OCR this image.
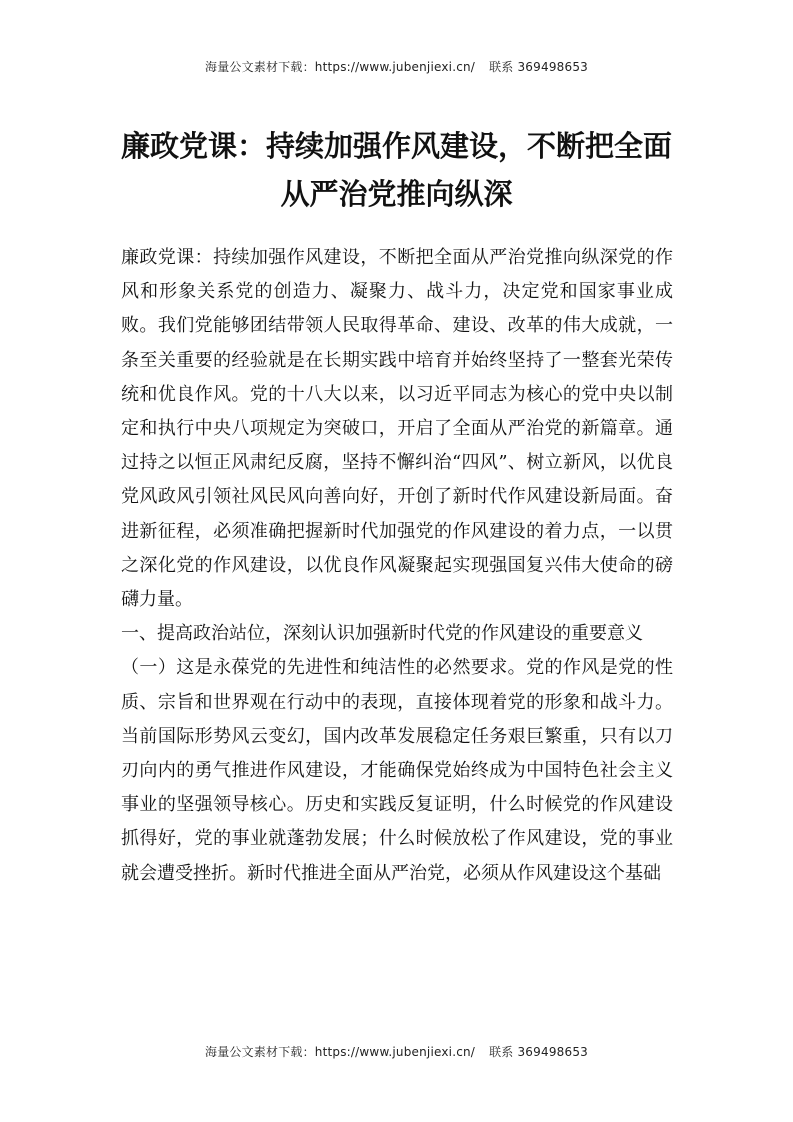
海量公文素材下载：https://www.jubenjiexi.cn/ 联系 369498653
廉政党课：持续加强作风建设，不断把全面
从严治党推向纵深

廉政党课：持续加强作风建设，不断把全面从严治党推向纵深党的作风和形象关系党的创造力、凝聚力、战斗力，决定党和国家事业成败。我们党能够团结带领人民取得革命、建设、改革的伟大成就，一条至关重要的经验就是在长期实践中培育并始终坚持了一整套光荣传统和优良作风。党的十八大以来，以习近平同志为核心的党中央以制定和执行中央八项规定为突破口，开启了全面从严治党的新篇章。通过持之以恒正风肃纪反腐，坚持不懈纠治“四风”、树立新风，以优良党风政风引领社风民风向善向好，开创了新时代作风建设新局面。奋进新征程，必须准确把握新时代加强党的作风建设的着力点，一以贯之深化党的作风建设，以优良作风凝聚起实现强国复兴伟大使命的磅礴力量。

一、提高政治站位，深刻认识加强新时代党的作风建设的重要意义

（一）这是永葆党的先进性和纯洁性的必然要求。党的作风是党的性质、宗旨和世界观在行动中的表现，直接体现着党的形象和战斗力。当前国际形势风云变幻，国内改革发展稳定任务艰巨繁重，只有以刀刃向内的勇气推进作风建设，才能确保党始终成为中国特色社会主义事业的坚强领导核心。历史和实践反复证明，什么时候党的作风建设抓得好，党的事业就蓬勃发展；什么时候放松了作风建设，党的事业就会遭受挫折。新时代推进全面从严治党，必须从作风建设这个基础

海量公文素材下载：https://www.jubenjiexi.cn/ 联系 369498653
